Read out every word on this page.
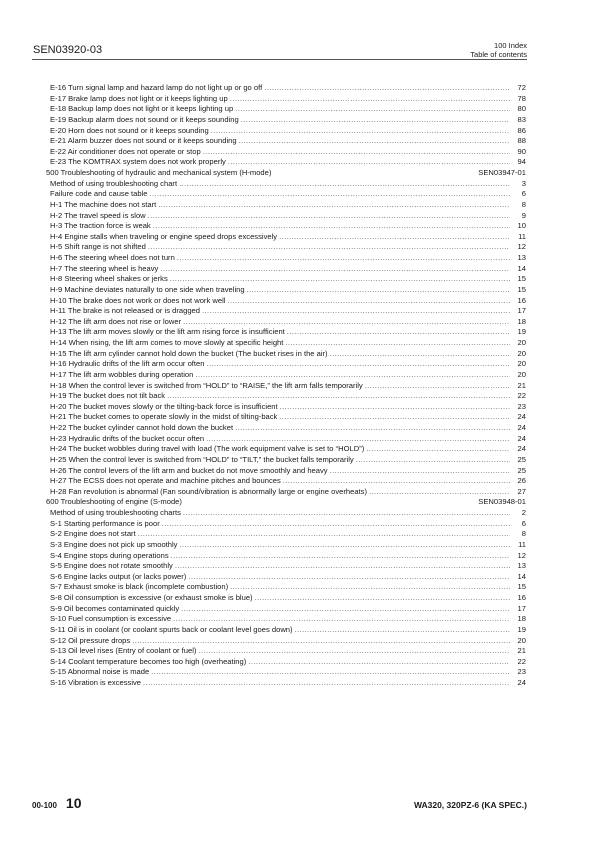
SEN03920-03	100 Index
Table of contents
E-16 Turn signal lamp and hazard lamp do not light up or go off .....	72
E-17 Brake lamp does not light or it keeps lighting up .....	78
E-18 Backup lamp does not light or it keeps lighting up .....	80
E-19 Backup alarm does not sound or it keeps sounding .....	83
E-20 Horn does not sound or it keeps sounding .....	86
E-21 Alarm buzzer does not sound or it keeps sounding .....	88
E-22 Air conditioner does not operate or stop .....	90
E-23 The KOMTRAX system does not work properly .....	94
500 Troubleshooting of hydraulic and mechanical system (H-mode)	SEN03947-01
Method of using troubleshooting chart .....	3
Failure code and cause table .....	6
H-1 The machine does not start .....	8
H-2 The travel speed is slow .....	9
H-3 The traction force is weak .....	10
H-4 Engine stalls when traveling or engine speed drops excessively .....	11
H-5 Shift range is not shifted .....	12
H-6 The steering wheel does not turn .....	13
H-7 The steering wheel is heavy .....	14
H-8 Steering wheel shakes or jerks .....	15
H-9 Machine deviates naturally to one side when traveling .....	15
H-10 The brake does not work or does not work well .....	16
H-11 The brake is not released or is dragged .....	17
H-12 The lift arm does not rise or lower .....	18
H-13 The lift arm moves slowly or the lift arm rising force is insufficient .....	19
H-14 When rising, the lift arm comes to move slowly at specific height .....	20
H-15 The lift arm cylinder cannot hold down the bucket (The bucket rises in the air) .....	20
H-16 Hydraulic drifts of the lift arm occur often .....	20
H-17 The lift arm wobbles during operation .....	20
H-18 When the control lever is switched from “HOLD” to “RAISE,” the lift arm falls temporarily .....	21
H-19 The bucket does not tilt back .....	22
H-20 The bucket moves slowly or the tilting-back force is insufficient .....	23
H-21 The bucket comes to operate slowly in the midst of tilting-back .....	24
H-22 The bucket cylinder cannot hold down the bucket .....	24
H-23 Hydraulic drifts of the bucket occur often .....	24
H-24 The bucket wobbles during travel with load (The work equipment valve is set to “HOLD”) .....	24
H-25 When the control lever is switched from “HOLD” to “TILT,” the bucket falls temporarily .....	25
H-26 The control levers of the lift arm and bucket do not move smoothly and heavy .....	25
H-27 The ECSS does not operate and machine pitches and bounces .....	26
H-28 Fan revolution is abnormal (Fan sound/vibration is abnormally large or engine overheats) .....	27
600 Troubleshooting of engine (S-mode)	SEN03948-01
Method of using troubleshooting charts .....	2
S-1 Starting performance is poor .....	6
S-2 Engine does not start .....	8
S-3 Engine does not pick up smoothly .....	11
S-4 Engine stops during operations .....	12
S-5 Engine does not rotate smoothly .....	13
S-6 Engine lacks output (or lacks power) .....	14
S-7 Exhaust smoke is black (incomplete combustion) .....	15
S-8 Oil consumption is excessive (or exhaust smoke is blue) .....	16
S-9 Oil becomes contaminated quickly .....	17
S-10 Fuel consumption is excessive .....	18
S-11 Oil is in coolant (or coolant spurts back or coolant level goes down) .....	19
S-12 Oil pressure drops .....	20
S-13 Oil level rises (Entry of coolant or fuel) .....	21
S-14 Coolant temperature becomes too high (overheating) .....	22
S-15 Abnormal noise is made .....	23
S-16 Vibration is excessive .....	24
00-100 10	WA320, 320PZ-6 (KA SPEC.)
